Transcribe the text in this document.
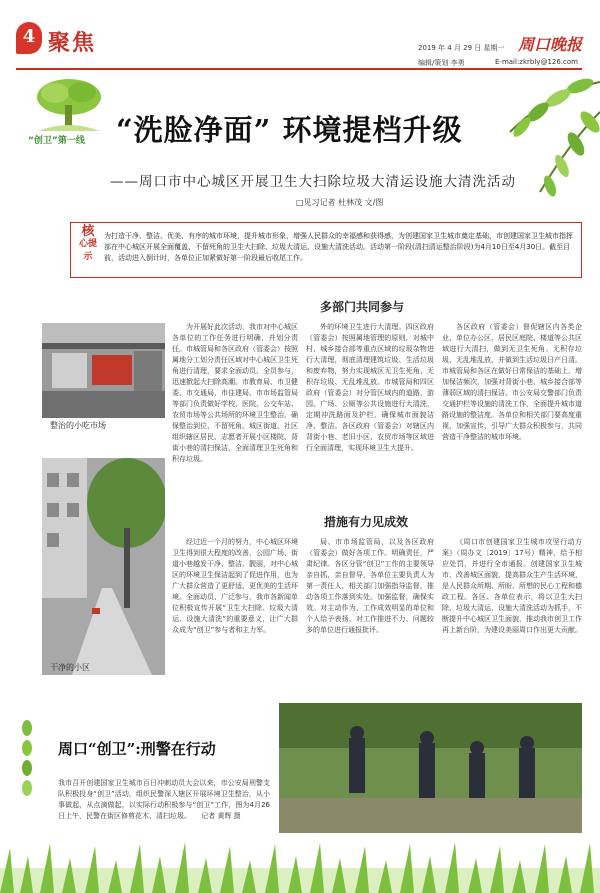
4 聚焦	2019 年 4 月 29 日 星期一
编辑/策划 李勇
周口晚报
E-mail:zkrbly@126.com
“创卫”第一线 “洗脸净面” 环境提档升级
——周口市中心城区开展卫生大扫除垃圾大清运设施大清洗活动
□见习记者 杜林茂 文/图
核
心提示
为打造干净、整洁、优美、有序的城市环境，提升城市形象，增强人民群众的幸福感和获得感，为创建国家卫生城市奠定基础，市创建国家卫生城市指挥部在中心城区开展全面覆盖、不留死角的卫生大扫除、垃圾大清运、设施大清洗活动。活动第一阶段(清扫清运整治阶段)为4月10日至4月30日。截至目前，活动进入倒计时，各单位正加紧做好第一阶段最后收尾工作。
整治的小吃市场
干净的小区
多部门共同参与
措施有力见成效

为开展好此次活动，我市对中心城区各单位的工作任务进行明确，并划分责任。市城管局和各区政府（管委会）按照属地分工划分责任区域对中心城区卫生死角进行清理，要求全面动员、全员参与，迅速掀起大扫除高潮。市教育局、市卫健委、市交通局、市住建局、市市场监管局等部门负责做好学校、医院、公交车站、农贸市场等公共场所的环境卫生整治，确保整治到位、不留死角。城区街道、社区组织辖区居民、志愿者开展小区楼院、背街小巷的清扫保洁，全面清理卫生死角和积存垃圾。

外的环境卫生进行大清理。四区政府（管委会）按照属地管理的原则，对城中村、城乡接合部等重点区域的垃圾杂物进行大清理，彻底清理建筑垃圾、生活垃圾和废弃物，努力实现城区无卫生死角、无积存垃圾、无乱堆乱放。市城管局和四区政府（管委会）对分管区域内的道路、游园、广场、公厕等公共设施进行大清洗，定期冲洗路面及护栏，确保城市面貌洁净、整洁。各区政府（管委会）对辖区内背街小巷、老旧小区、农贸市场等区域进行全面清理，实现环境卫生大提升。

各区政府（管委会）督促辖区内各类企业、单位办公区、居民区庭院、楼道等公共区域进行大清扫，做到无卫生死角、无积存垃圾、无乱堆乱放，并做到生活垃圾日产日清。市城管局和各区在做好日常保洁的基础上，增加保洁频次，加强对背街小巷、城乡接合部等薄弱区域的清扫保洁。市公安局交警部门负责交通护栏等设施的清洗工作，全面提升城市道路设施的整洁度。各单位和相关部门要高度重视，加强宣传，引导广大群众积极参与，共同营造干净整洁的城市环境。

经过近一个月的努力，中心城区环境卫生得到很大程度的改善，公园广场、街道小巷越发干净、整洁、靓丽，对中心城区的环境卫生保洁起到了促进作用，也为广大群众营造了更舒适、更优美的生活环境。全面动员、广泛参与，我市各新闻单位积极宣传开展“卫生大扫除、垃圾大清运、设施大清洗”的重要意义，让广大群众成为“创卫”参与者和主力军。

局、市市场监管局，以及各区政府（管委会）做好各项工作。明确责任，严肃纪律。各区分管“创卫”工作的主要领导亲自抓，亲自督导，各单位主要负责人为第一责任人，相关部门加强指导监督，推动各项工作落到实处。加强监督，确保实效。对主动作为、工作成效明显的单位和个人给予表扬，对工作推进不力、问题较多的单位进行通报批评。

《周口市创建国家卫生城市攻坚行动方案》（周办文〔2019〕17号）精神，给予相应处罚，并进行全市通报。创建国家卫生城市，改善城区面貌，提高群众生产生活环境，是人民群众所期、所盼、所想的民心工程和德政工程。各区、各单位表示，将以卫生大扫除、垃圾大清运、设施大清洗活动为抓手，不断提升中心城区卫生面貌，推动我市创卫工作再上新台阶，为建设美丽周口作出更大贡献。

周口“创卫”:刑警在行动
我市召开创建国家卫生城市百日冲刺动员大会以来，市公安局刑警支队积极投身“创卫”活动，组织民警深入辖区开展环境卫生整治，从小事做起，从点滴做起，以实际行动积极参与“创卫”工作，图为4月26日上午，民警在街区修剪花木、清扫垃圾。 记者 黄辉 摄
